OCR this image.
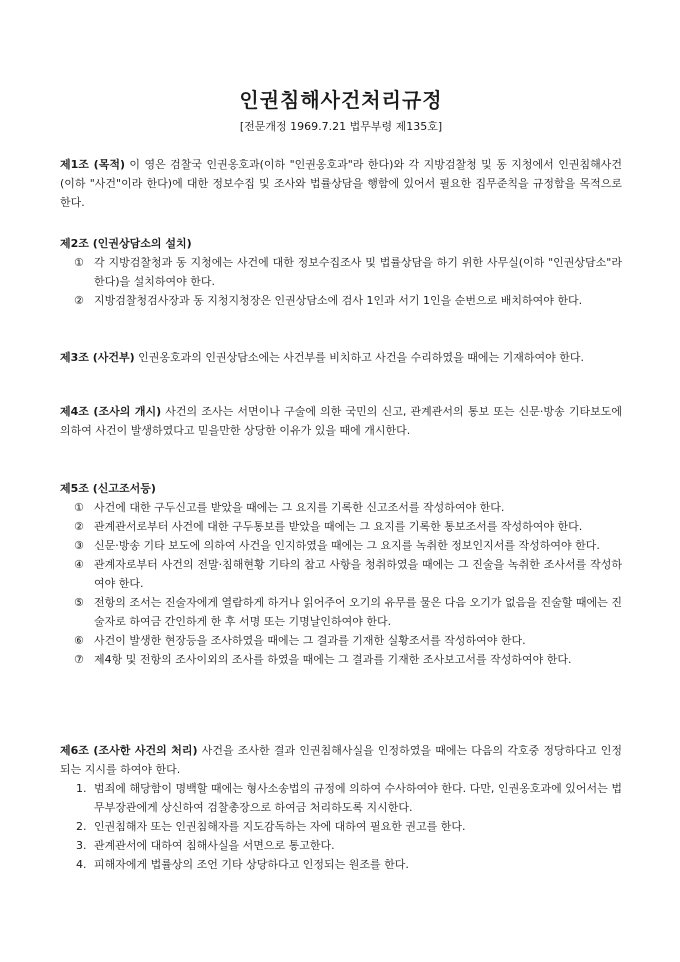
인권침해사건처리규정
[전문개정 1969.7.21 법무부령 제135호]

제1조 (목적) 이 영은 검찰국 인권옹호과(이하 "인권옹호과"라 한다)와 각 지방검찰청 및 동 지청에서 인권침해사건(이하 "사건"이라 한다)에 대한 정보수집 및 조사와 법률상담을 행함에 있어서 필요한 집무준칙을 규정함을 목적으로 한다.

제2조 (인권상담소의 설치)

① 각 지방검찰청과 동 지청에는 사건에 대한 정보수집조사 및 법률상담을 하기 위한 사무실(이하 "인권상담소"라 한다)을 설치하여야 한다.
② 지방검찰청검사장과 동 지청지청장은 인권상담소에 검사 1인과 서기 1인을 순번으로 배치하여야 한다.

제3조 (사건부) 인권옹호과의 인권상담소에는 사건부를 비치하고 사건을 수리하였을 때에는 기재하여야 한다.

제4조 (조사의 개시) 사건의 조사는 서면이나 구술에 의한 국민의 신고, 관계관서의 통보 또는 신문·방송 기타보도에 의하여 사건이 발생하였다고 믿을만한 상당한 이유가 있을 때에 개시한다.

제5조 (신고조서등)

① 사건에 대한 구두신고를 받았을 때에는 그 요지를 기록한 신고조서를 작성하여야 한다.
② 관계관서로부터 사건에 대한 구두통보를 받았을 때에는 그 요지를 기록한 통보조서를 작성하여야 한다.
③ 신문·방송 기타 보도에 의하여 사건을 인지하였을 때에는 그 요지를 녹취한 정보인지서를 작성하여야 한다.
④ 관계자로부터 사건의 전말·침해현황 기타의 참고 사항을 청취하였을 때에는 그 진술을 녹취한 조사서를 작성하여야 한다.
⑤ 전항의 조서는 진술자에게 열람하게 하거나 읽어주어 오기의 유무를 물은 다음 오기가 없음을 진술할 때에는 진술자로 하여금 간인하게 한 후 서명 또는 기명날인하여야 한다.
⑥ 사건이 발생한 현장등을 조사하였을 때에는 그 결과를 기재한 실황조서를 작성하여야 한다.
⑦ 제4항 및 전항의 조사이외의 조사를 하였을 때에는 그 결과를 기재한 조사보고서를 작성하여야 한다.

제6조 (조사한 사건의 처리) 사건을 조사한 결과 인권침해사실을 인정하였을 때에는 다음의 각호중 정당하다고 인정되는 지시를 하여야 한다.

1. 범죄에 해당함이 명백할 때에는 형사소송법의 규정에 의하여 수사하여야 한다. 다만, 인권옹호과에 있어서는 법무부장관에게 상신하여 검찰총장으로 하여금 처리하도록 지시한다.
2. 인권침해자 또는 인권침해자를 지도감독하는 자에 대하여 필요한 권고를 한다.
3. 관계관서에 대하여 침해사실을 서면으로 통고한다.
4. 피해자에게 법률상의 조언 기타 상당하다고 인정되는 원조를 한다.
